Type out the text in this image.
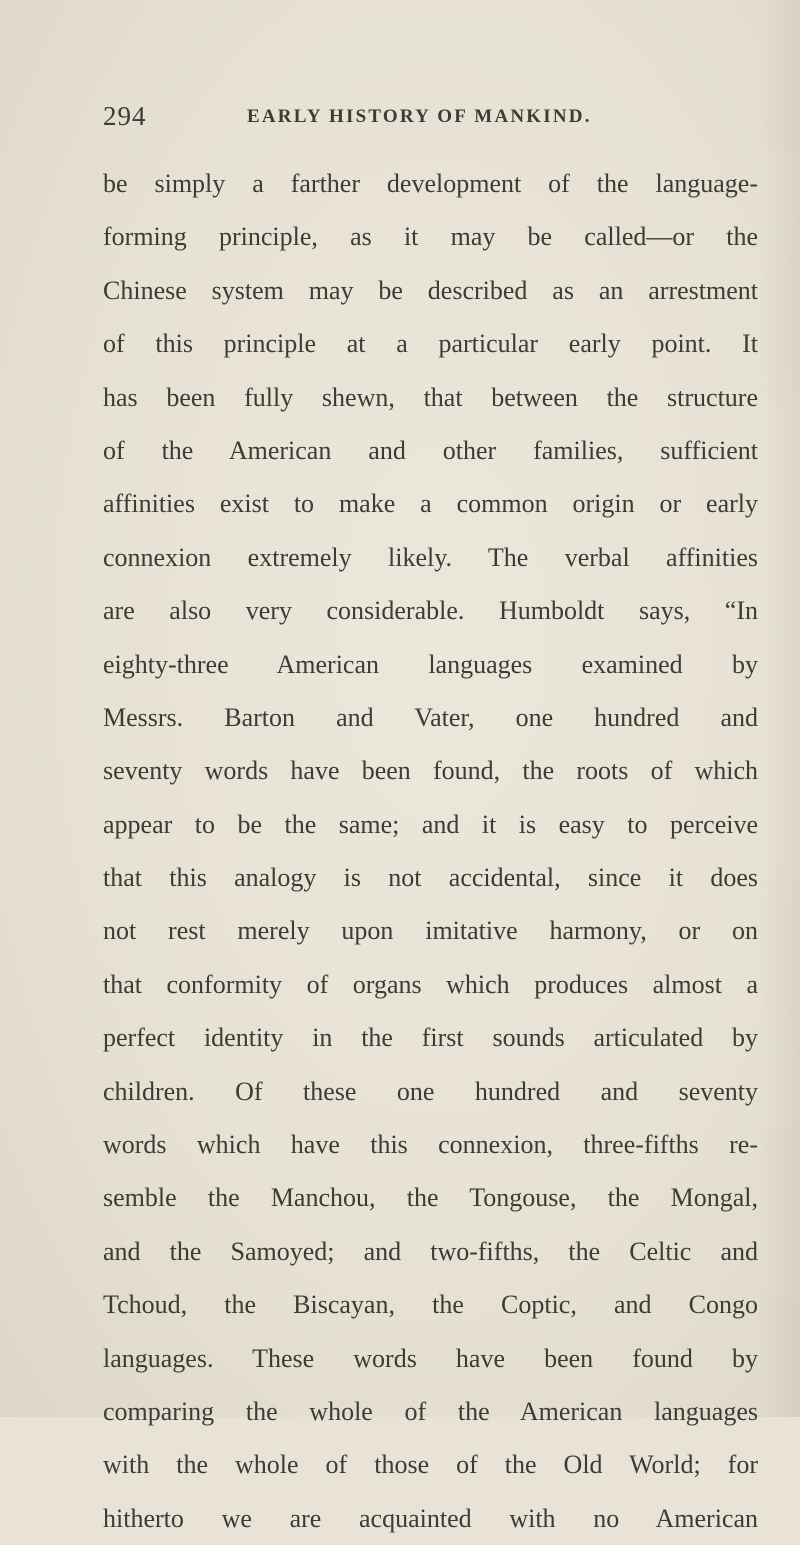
294	EARLY HISTORY OF MANKIND.
be simply a farther development of the language-
forming principle, as it may be called—or the
Chinese system may be described as an arrestment
of this principle at a particular early point. It
has been fully shewn, that between the structure
of the American and other families, sufficient
affinities exist to make a common origin or early
connexion extremely likely. The verbal affinities
are also very considerable. Humboldt says, “In
eighty-three American languages examined by
Messrs. Barton and Vater, one hundred and
seventy words have been found, the roots of which
appear to be the same; and it is easy to perceive
that this analogy is not accidental, since it does
not rest merely upon imitative harmony, or on
that conformity of organs which produces almost a
perfect identity in the first sounds articulated by
children. Of these one hundred and seventy
words which have this connexion, three-fifths re-
semble the Manchou, the Tongouse, the Mongal,
and the Samoyed; and two-fifths, the Celtic and
Tchoud, the Biscayan, the Coptic, and Congo
languages. These words have been found by
comparing the whole of the American languages
with the whole of those of the Old World; for
hitherto we are acquainted with no American
